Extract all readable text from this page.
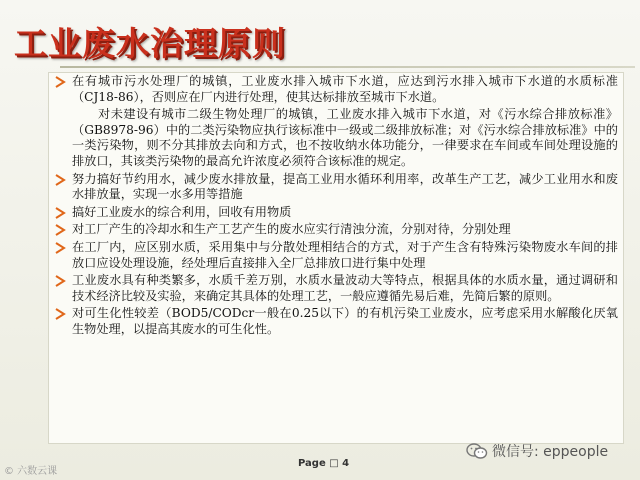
工业废水治理原则
在有城市污水处理厂的城镇，工业废水排入城市下水道，应达到污水排入城市下水道的水质标准（CJ18-86），否则应在厂内进行处理，使其达标排放至城市下水道。
对未建设有城市二级生物处理厂的城镇，工业废水排入城市下水道，对《污水综合排放标准》（GB8978-96）中的二类污染物应执行该标准中一级或二级排放标准；对《污水综合排放标准》中的一类污染物，则不分其排放去向和方式，也不按收纳水体功能分，一律要求在车间或车间处理设施的排放口，其该类污染物的最高允许浓度必须符合该标准的规定。
努力搞好节约用水，减少废水排放量，提高工业用水循环利用率，改革生产工艺，减少工业用水和废水排放量，实现一水多用等措施
搞好工业废水的综合利用，回收有用物质
对工厂产生的冷却水和生产工艺产生的废水应实行清浊分流，分别对待，分别处理
在工厂内，应区别水质，采用集中与分散处理相结合的方式，对于产生含有特殊污染物废水车间的排放口应设处理设施，经处理后直接排入全厂总排放口进行集中处理
工业废水具有种类繁多，水质千差万别，水质水量波动大等特点，根据具体的水质水量，通过调研和技术经济比较及实验，来确定其具体的处理工艺，一般应遵循先易后难，先简后繁的原则。
对可生化性较差（BOD5/CODcr一般在0.25以下）的有机污染工业废水，应考虑采用水解酸化厌氧生物处理，以提高其废水的可生化性。
微信号: eppeople
Page □ 4
© 六数云课
